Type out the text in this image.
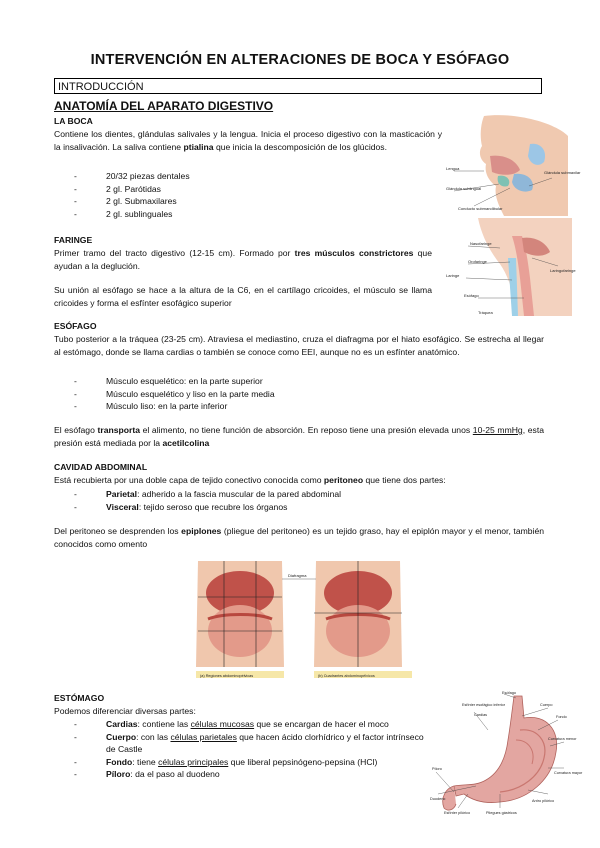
INTERVENCIÓN EN ALTERACIONES DE BOCA Y ESÓFAGO
INTRODUCCIÓN
ANATOMÍA DEL APARATO DIGESTIVO
LA BOCA
Contiene los dientes, glándulas salivales y la lengua. Inicia el proceso digestivo con la masticación y la insalivación. La saliva contiene ptialina que inicia la descomposición de los glúcidos.
- 20/32 piezas dentales
- 2 gl. Parótidas
- 2 gl. Submaxilares
- 2 gl. sublinguales
FARINGE
Primer tramo del tracto digestivo (12-15 cm). Formado por tres músculos constrictores que ayudan a la deglución.
Su unión al esófago se hace a la altura de la C6, en el cartílago cricoides, el músculo se llama cricoides y forma el esfínter esofágico superior
ESÓFAGO
Tubo posterior a la tráquea (23-25 cm). Atraviesa el mediastino, cruza el diafragma por el hiato esofágico. Se estrecha al llegar al estómago, donde se llama cardias o también se conoce como EEI, aunque no es un esfínter anatómico.
- Músculo esquelético: en la parte superior
- Músculo esquelético y liso en la parte media
- Músculo liso: en la parte inferior
El esófago transporta el alimento, no tiene función de absorción. En reposo tiene una presión elevada unos 10-25 mmHg, esta presión está mediada por la acetilcolina
CAVIDAD ABDOMINAL
Está recubierta por una doble capa de tejido conectivo conocida como peritoneo que tiene dos partes:
- Parietal: adherido a la fascia muscular de la pared abdominal
- Visceral: tejido seroso que recubre los órganos
Del peritoneo se desprenden los epiplones (pliegue del peritoneo) es un tejido graso, hay el epiplón mayor y el menor, también conocidos como omento
ESTÓMAGO
Podemos diferenciar diversas partes:
- Cardias: contiene las células mucosas que se encargan de hacer el moco
- Cuerpo: con las células parietales que hacen ácido clorhídrico y el factor intrínseco de Castle
- Fondo: tiene células principales que liberal pepsinógeno-pepsina (HCl)
- Píloro: da el paso al duodeno
Lengua
Glándula sublingual
Glándula submaxilar
Conducto submandibular
Nasofaringe
Orofaringe
Laringofaringe
Laringe
Esófago
Tráquea
Diafragma
(a) Regiones abdominopélvicas	(b) Cuadrantes abdominopélvicos
Esófago
Esfínter esofágico inferior	Cuerpo
Fondo
Curvatura menor
Cardias
Curvatura mayor
Píloro
Duodeno
Pliegues gástricos
Esfínter pilórico
Antro pilórico
